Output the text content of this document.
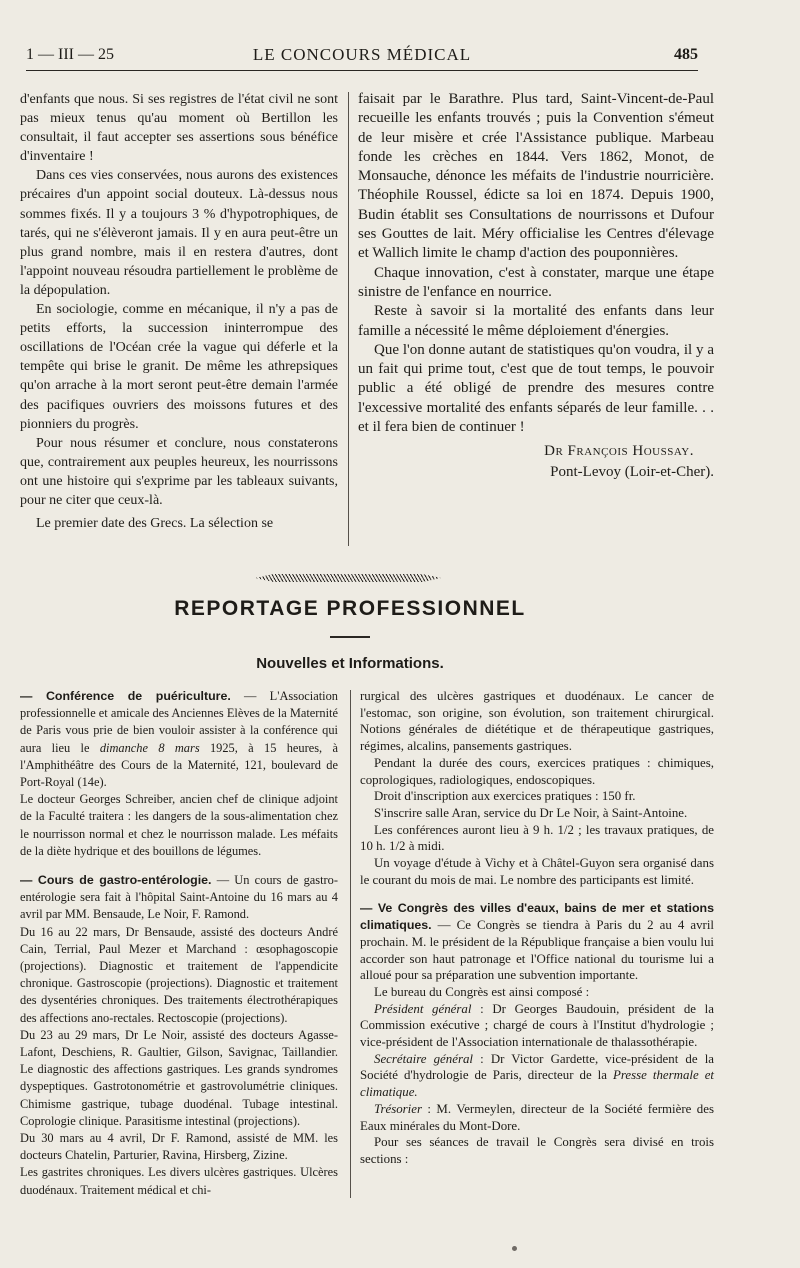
1 — III — 25	LE CONCOURS MÉDICAL	485

d'enfants que nous. Si ses registres de l'état civil ne sont pas mieux tenus qu'au moment où Bertillon les consultait, il faut accepter ses assertions sous bénéfice d'inventaire !

Dans ces vies conservées, nous aurons des existences précaires d'un appoint social douteux. Là-dessus nous sommes fixés. Il y a toujours 3 % d'hypotrophiques, de tarés, qui ne s'élèveront jamais. Il y en aura peut-être un plus grand nombre, mais il en restera d'autres, dont l'appoint nouveau résoudra partiellement le problème de la dépopulation.

En sociologie, comme en mécanique, il n'y a pas de petits efforts, la succession ininterrompue des oscillations de l'Océan crée la vague qui déferle et la tempête qui brise le granit. De même les athrepsiques qu'on arrache à la mort seront peut-être demain l'armée des pacifiques ouvriers des moissons futures et des pionniers du progrès.

Pour nous résumer et conclure, nous constaterons que, contrairement aux peuples heureux, les nourrissons ont une histoire qui s'exprime par les tableaux suivants, pour ne citer que ceux-là.

Le premier date des Grecs. La sélection se

faisait par le Barathre. Plus tard, Saint-Vincent-de-Paul recueille les enfants trouvés ; puis la Convention s'émeut de leur misère et crée l'Assistance publique. Marbeau fonde les crèches en 1844. Vers 1862, Monot, de Monsauche, dénonce les méfaits de l'industrie nourricière. Théophile Roussel, édicte sa loi en 1874. Depuis 1900, Budin établit ses Consultations de nourrissons et Dufour ses Gouttes de lait. Méry officialise les Centres d'élevage et Wallich limite le champ d'action des pouponnières.

Chaque innovation, c'est à constater, marque une étape sinistre de l'enfance en nourrice.

Reste à savoir si la mortalité des enfants dans leur famille a nécessité le même déploiement d'énergies.

Que l'on donne autant de statistiques qu'on voudra, il y a un fait qui prime tout, c'est que de tout temps, le pouvoir public a été obligé de prendre des mesures contre l'excessive mortalité des enfants séparés de leur famille. . . et il fera bien de continuer !

Dr François Houssay.
Pont-Levoy (Loir-et-Cher).
REPORTAGE PROFESSIONNEL
Nouvelles et Informations.

— Conférence de puériculture. — L'Association professionnelle et amicale des Anciennes Elèves de la Maternité de Paris vous prie de bien vouloir assister à la conférence qui aura lieu le dimanche 8 mars 1925, à 15 heures, à l'Amphithéâtre des Cours de la Maternité, 121, boulevard de Port-Royal (14e).

Le docteur Georges Schreiber, ancien chef de clinique adjoint de la Faculté traitera : les dangers de la sous-alimentation chez le nourrisson normal et chez le nourrisson malade. Les méfaits de la diète hydrique et des bouillons de légumes.

— Cours de gastro-entérologie. — Un cours de gastro-entérologie sera fait à l'hôpital Saint-Antoine du 16 mars au 4 avril par MM. Bensaude, Le Noir, F. Ramond.

Du 16 au 22 mars, Dr Bensaude, assisté des docteurs André Cain, Terrial, Paul Mezer et Marchand : œsophagoscopie (projections). Diagnostic et traitement de l'appendicite chronique. Gastroscopie (projections). Diagnostic et traitement des dysentéries chroniques. Des traitements électrothérapiques des affections ano-rectales. Rectoscopie (projections).

Du 23 au 29 mars, Dr Le Noir, assisté des docteurs Agasse-Lafont, Deschiens, R. Gaultier, Gilson, Savignac, Taillandier. Le diagnostic des affections gastriques. Les grands syndromes dyspeptiques. Gastrotonométrie et gastrovolumétrie cliniques. Chimisme gastrique, tubage duodénal. Tubage intestinal. Coprologie clinique. Parasitisme intestinal (projections).

Du 30 mars au 4 avril, Dr F. Ramond, assisté de MM. les docteurs Chatelin, Parturier, Ravina, Hirsberg, Zizine.

Les gastrites chroniques. Les divers ulcères gastriques. Ulcères duodénaux. Traitement médical et chi-

rurgical des ulcères gastriques et duodénaux. Le cancer de l'estomac, son origine, son évolution, son traitement chirurgical. Notions générales de diététique et de thérapeutique gastriques, régimes, alcalins, pansements gastriques.

Pendant la durée des cours, exercices pratiques : chimiques, coprologiques, radiologiques, endoscopiques.

Droit d'inscription aux exercices pratiques : 150 fr.

S'inscrire salle Aran, service du Dr Le Noir, à Saint-Antoine.

Les conférences auront lieu à 9 h. 1/2 ; les travaux pratiques, de 10 h. 1/2 à midi.

Un voyage d'étude à Vichy et à Châtel-Guyon sera organisé dans le courant du mois de mai. Le nombre des participants est limité.

— Ve Congrès des villes d'eaux, bains de mer et stations climatiques. — Ce Congrès se tiendra à Paris du 2 au 4 avril prochain. M. le président de la République française a bien voulu lui accorder son haut patronage et l'Office national du tourisme lui a alloué pour sa préparation une subvention importante.

Le bureau du Congrès est ainsi composé :

Président général : Dr Georges Baudouin, président de la Commission exécutive ; chargé de cours à l'Institut d'hydrologie ; vice-président de l'Association internationale de thalassothérapie.

Secrétaire général : Dr Victor Gardette, vice-président de la Société d'hydrologie de Paris, directeur de la Presse thermale et climatique.

Trésorier : M. Vermeylen, directeur de la Société fermière des Eaux minérales du Mont-Dore.

Pour ses séances de travail le Congrès sera divisé en trois sections :
